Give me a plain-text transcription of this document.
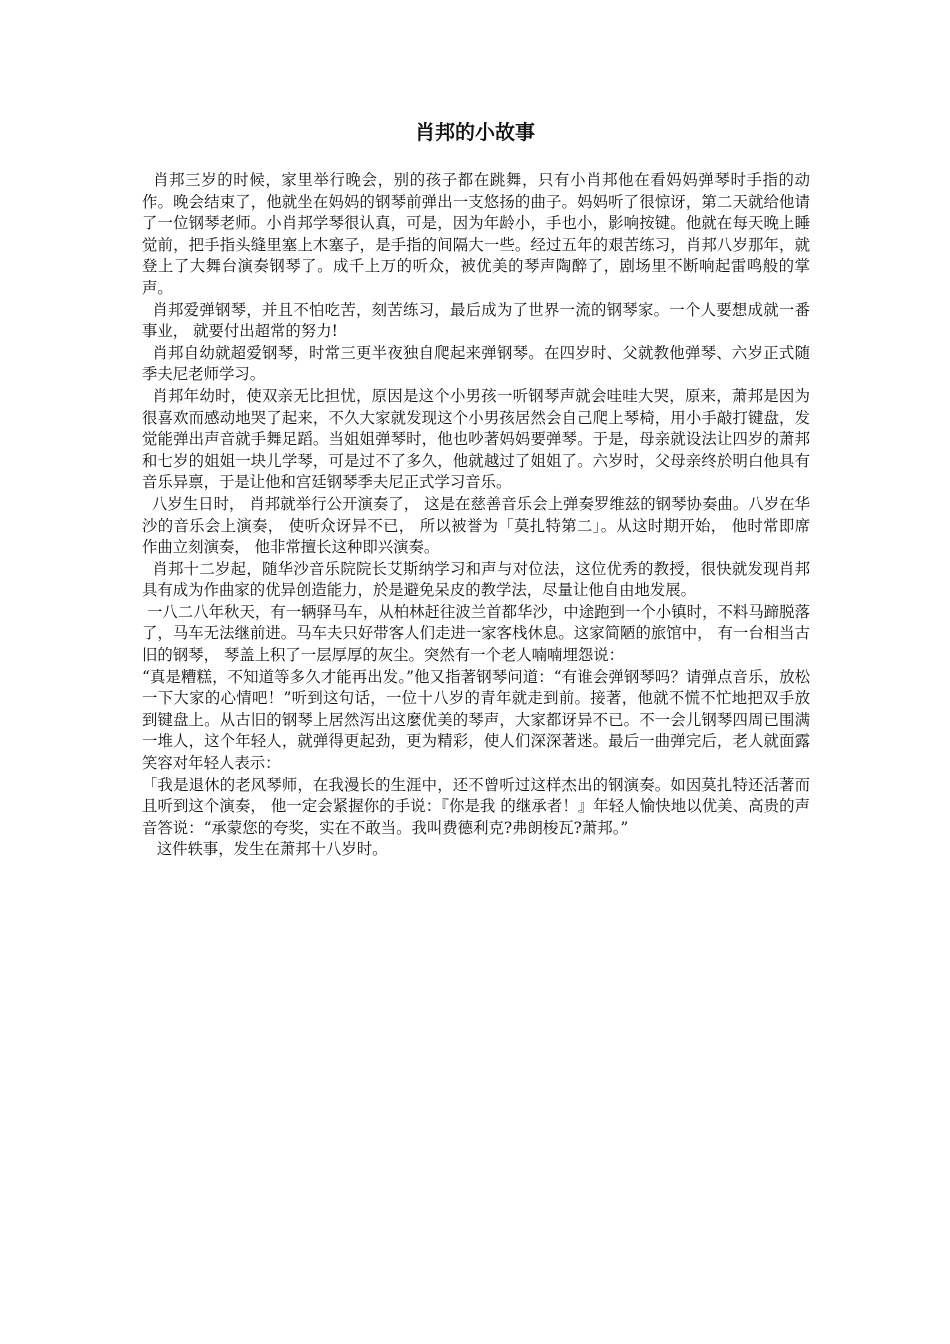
肖邦的小故事

肖邦三岁的时候，家里举行晚会，别的孩子都在跳舞，只有小肖邦他在看妈妈弹琴时手指的动作。晚会结束了，他就坐在妈妈的钢琴前弹出一支悠扬的曲子。妈妈听了很惊讶，第二天就给他请了一位钢琴老师。小肖邦学琴很认真，可是，因为年龄小，手也小，影响按键。他就在每天晚上睡觉前，把手指头缝里塞上木塞子，是手指的间隔大一些。经过五年的艰苦练习，肖邦八岁那年，就登上了大舞台演奏钢琴了。成千上万的听众，被优美的琴声陶醉了，剧场里不断响起雷鸣般的掌声。

肖邦爱弹钢琴，并且不怕吃苦，刻苦练习，最后成为了世界一流的钢琴家。一个人要想成就一番事业， 就要付出超常的努力!

肖邦自幼就超爱钢琴，时常三更半夜独自爬起来弹钢琴。在四岁时、父就教他弹琴、六岁正式随季夫尼老师学习。

肖邦年幼时，使双亲无比担忧，原因是这个小男孩一听钢琴声就会哇哇大哭，原来，萧邦是因为很喜欢而感动地哭了起来，不久大家就发现这个小男孩居然会自己爬上琴椅，用小手敲打键盘，发觉能弹出声音就手舞足蹈。当姐姐弹琴时，他也吵著妈妈要弹琴。于是，母亲就设法让四岁的萧邦和七岁的姐姐一块儿学琴，可是过不了多久，他就越过了姐姐了。六岁时，父母亲终於明白他具有音乐异禀，于是让他和宫廷钢琴季夫尼正式学习音乐。

八岁生日时， 肖邦就举行公开演奏了， 这是在慈善音乐会上弹奏罗维兹的钢琴协奏曲。八岁在华沙的音乐会上演奏， 使听众讶异不已， 所以被誉为「莫扎特第二」。从这时期开始， 他时常即席作曲立刻演奏， 他非常擅长这种即兴演奏。

肖邦十二岁起，随华沙音乐院院长艾斯纳学习和声与对位法，这位优秀的教授，很快就发现肖邦具有成为作曲家的优异创造能力，於是避免呆皮的教学法，尽量让他自由地发展。

一八二八年秋天，有一辆驿马车，从柏林赶往波兰首都华沙，中途跑到一个小镇时，不料马蹄脱落了，马车无法继前进。马车夫只好带客人们走进一家客栈休息。这家简陋的旅馆中， 有一台相当古旧的钢琴， 琴盖上积了一层厚厚的灰尘。突然有一个老人喃喃埋怨说：

“真是糟糕，不知道等多久才能再出发。”他又指著钢琴问道：“有谁会弹钢琴吗？请弹点音乐，放松一下大家的心情吧！”听到这句话，一位十八岁的青年就走到前。接著，他就不慌不忙地把双手放到键盘上。从古旧的钢琴上居然泻出这麼优美的琴声，大家都讶异不已。不一会儿钢琴四周已围满一堆人，这个年轻人，就弹得更起劲，更为精彩，使人们深深著迷。最后一曲弹完后，老人就面露笑容对年轻人表示：

「我是退休的老风琴师，在我漫长的生涯中，还不曾听过这样杰出的钢演奏。如因莫扎特还活著而且听到这个演奏， 他一定会紧握你的手说：『你是我 的继承者！』年轻人愉快地以优美、高贵的声音答说：“承蒙您的夸奖，实在不敢当。我叫费德利克?弗朗梭瓦?萧邦。”

这件轶事，发生在萧邦十八岁时。
